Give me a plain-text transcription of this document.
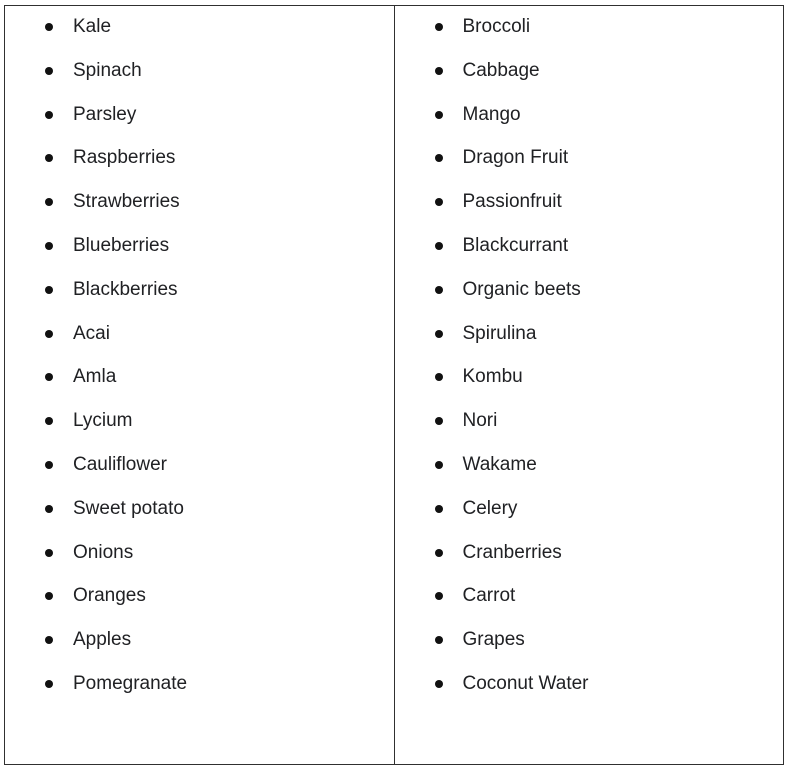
Kale
Spinach
Parsley
Raspberries
Strawberries
Blueberries
Blackberries
Acai
Amla
Lycium
Cauliflower
Sweet potato
Onions
Oranges
Apples
Pomegranate
Broccoli
Cabbage
Mango
Dragon Fruit
Passionfruit
Blackcurrant
Organic beets
Spirulina
Kombu
Nori
Wakame
Celery
Cranberries
Carrot
Grapes
Coconut Water
